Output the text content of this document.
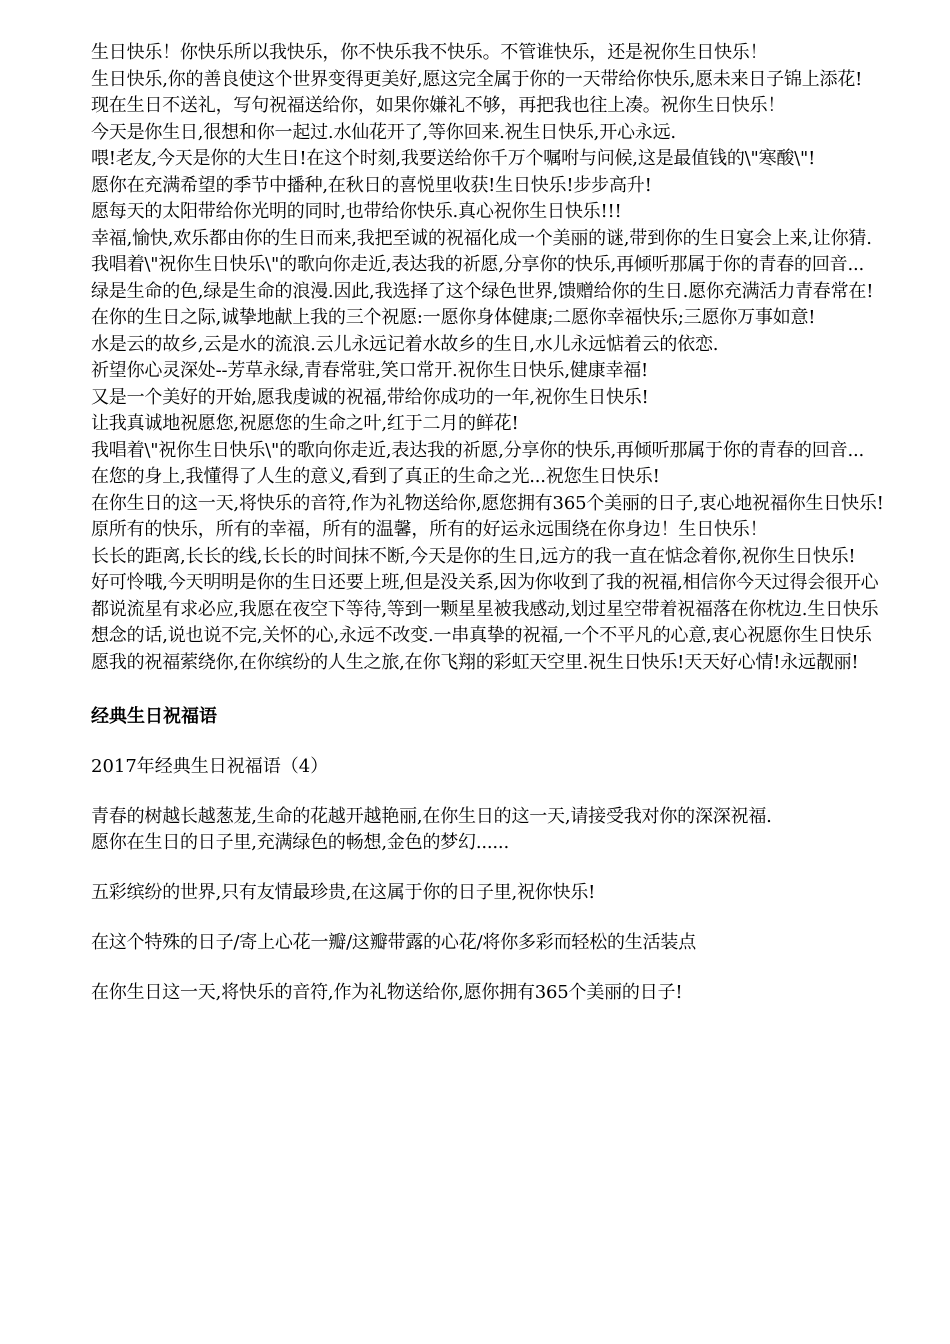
生日快乐！你快乐所以我快乐，你不快乐我不快乐。不管谁快乐，还是祝你生日快乐！
生日快乐,你的善良使这个世界变得更美好,愿这完全属于你的一天带给你快乐,愿未来日子锦上添花!
现在生日不送礼，写句祝福送给你，如果你嫌礼不够，再把我也往上凑。祝你生日快乐！
今天是你生日,很想和你一起过.水仙花开了,等你回来.祝生日快乐,开心永远.
喂!老友,今天是你的大生日!在这个时刻,我要送给你千万个嘱咐与问候,这是最值钱的\"寒酸\"!
愿你在充满希望的季节中播种,在秋日的喜悦里收获!生日快乐!步步高升!
愿每天的太阳带给你光明的同时,也带给你快乐.真心祝你生日快乐!!!
幸福,愉快,欢乐都由你的生日而来,我把至诚的祝福化成一个美丽的谜,带到你的生日宴会上来,让你猜.
我唱着\"祝你生日快乐\"的歌向你走近,表达我的祈愿,分享你的快乐,再倾听那属于你的青春的回音...
绿是生命的色,绿是生命的浪漫.因此,我选择了这个绿色世界,馈赠给你的生日.愿你充满活力青春常在!
在你的生日之际,诚挚地献上我的三个祝愿:一愿你身体健康;二愿你幸福快乐;三愿你万事如意!
水是云的故乡,云是水的流浪.云儿永远记着水故乡的生日,水儿永远惦着云的依恋.
祈望你心灵深处--芳草永绿,青春常驻,笑口常开.祝你生日快乐,健康幸福!
又是一个美好的开始,愿我虔诚的祝福,带给你成功的一年,祝你生日快乐!
让我真诚地祝愿您,祝愿您的生命之叶,红于二月的鲜花!
我唱着\"祝你生日快乐\"的歌向你走近,表达我的祈愿,分享你的快乐,再倾听那属于你的青春的回音...
在您的身上,我懂得了人生的意义,看到了真正的生命之光...祝您生日快乐!
在你生日的这一天,将快乐的音符,作为礼物送给你,愿您拥有365个美丽的日子,衷心地祝福你生日快乐!
原所有的快乐，所有的幸福，所有的温馨，所有的好运永远围绕在你身边！生日快乐！
长长的距离,长长的线,长长的时间抹不断,今天是你的生日,远方的我一直在惦念着你,祝你生日快乐!
好可怜哦,今天明明是你的生日还要上班,但是没关系,因为你收到了我的祝福,相信你今天过得会很开心
都说流星有求必应,我愿在夜空下等待,等到一颗星星被我感动,划过星空带着祝福落在你枕边.生日快乐
想念的话,说也说不完,关怀的心,永远不改变.一串真挚的祝福,一个不平凡的心意,衷心祝愿你生日快乐
愿我的祝福萦绕你,在你缤纷的人生之旅,在你飞翔的彩虹天空里.祝生日快乐!天天好心情!永远靓丽!
经典生日祝福语
2017年经典生日祝福语（4）
青春的树越长越葱茏,生命的花越开越艳丽,在你生日的这一天,请接受我对你的深深祝福.
愿你在生日的日子里,充满绿色的畅想,金色的梦幻......
五彩缤纷的世界,只有友情最珍贵,在这属于你的日子里,祝你快乐!
在这个特殊的日子/寄上心花一瓣/这瓣带露的心花/将你多彩而轻松的生活装点
在你生日这一天,将快乐的音符,作为礼物送给你,愿你拥有365个美丽的日子!
